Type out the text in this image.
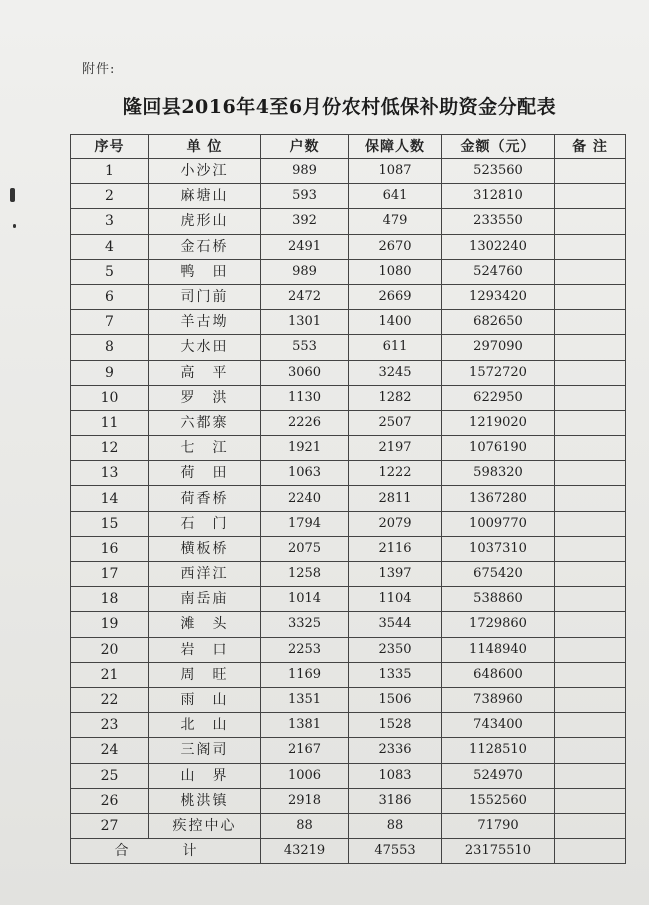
附件:
隆回县2016年4至6月份农村低保补助资金分配表
序号	单 位	户数	保障人数	金额（元）	备 注
1	小沙江	989	1087	523560	
2	麻塘山	593	641	312810	
3	虎形山	392	479	233550	
4	金石桥	2491	2670	1302240	
5	鸭　田	989	1080	524760	
6	司门前	2472	2669	1293420	
7	羊古坳	1301	1400	682650	
8	大水田	553	611	297090	
9	高　平	3060	3245	1572720	
10	罗　洪	1130	1282	622950	
11	六都寨	2226	2507	1219020	
12	七　江	1921	2197	1076190	
13	荷　田	1063	1222	598320	
14	荷香桥	2240	2811	1367280	
15	石　门	1794	2079	1009770	
16	横板桥	2075	2116	1037310	
17	西洋江	1258	1397	675420	
18	南岳庙	1014	1104	538860	
19	滩　头	3325	3544	1729860	
20	岩　口	2253	2350	1148940	
21	周　旺	1169	1335	648600	
22	雨　山	1351	1506	738960	
23	北　山	1381	1528	743400	
24	三阁司	2167	2336	1128510	
25	山　界	1006	1083	524970	
26	桃洪镇	2918	3186	1552560	
27	疾控中心	88	88	71790	
合　计		43219	47553	23175510	
